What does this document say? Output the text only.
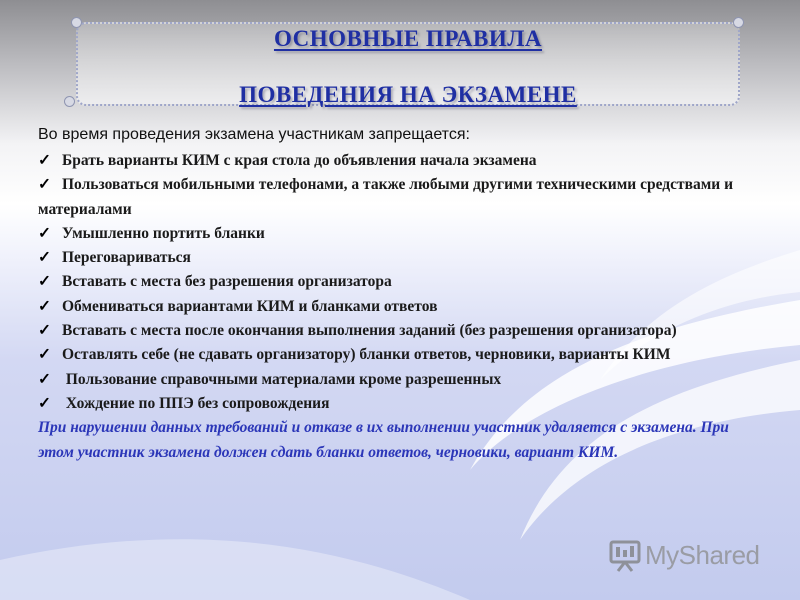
ОСНОВНЫЕ ПРАВИЛА
ПОВЕДЕНИЯ НА ЭКЗАМЕНЕ

Во время проведения экзамена участникам запрещается:

✓ Брать варианты КИМ с края стола до объявления начала экзамена
✓ Пользоваться мобильными телефонами, а также любыми другими техническими средствами и материалами
✓ Умышленно портить бланки
✓ Переговариваться
✓ Вставать с места без разрешения организатора
✓ Обмениваться вариантами КИМ и бланками ответов
✓ Вставать с места после окончания выполнения заданий (без разрешения организатора)
✓ Оставлять себе (не сдавать организатору) бланки ответов, черновики, варианты КИМ
✓ Пользование справочными материалами кроме разрешенных
✓ Хождение по ППЭ без сопровождения

При нарушении данных требований и отказе в их выполнении участник удаляется с экзамена. При этом участник экзамена должен сдать бланки ответов, черновики, вариант КИМ.

MyShared
